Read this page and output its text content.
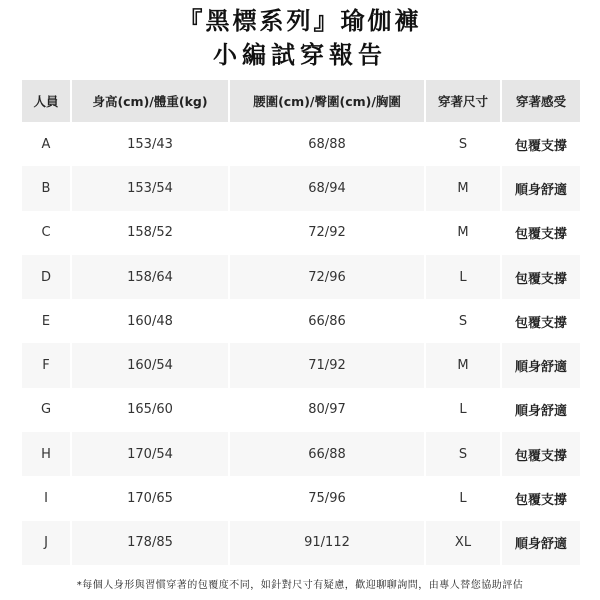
『黑標系列』瑜伽褲
小編試穿報告
人員	身高(cm)/體重(kg)	腰圍(cm)/臀圍(cm)/胸圍	穿著尺寸	穿著感受
A	153/43	68/88	S	包覆支撐
B	153/54	68/94	M	順身舒適
C	158/52	72/92	M	包覆支撐
D	158/64	72/96	L	包覆支撐
E	160/48	66/86	S	包覆支撐
F	160/54	71/92	M	順身舒適
G	165/60	80/97	L	順身舒適
H	170/54	66/88	S	包覆支撐
I	170/65	75/96	L	包覆支撐
J	178/85	91/112	XL	順身舒適
*每個人身形與習慣穿著的包覆度不同，如針對尺寸有疑慮，歡迎聊聊詢問，由專人替您協助評估
